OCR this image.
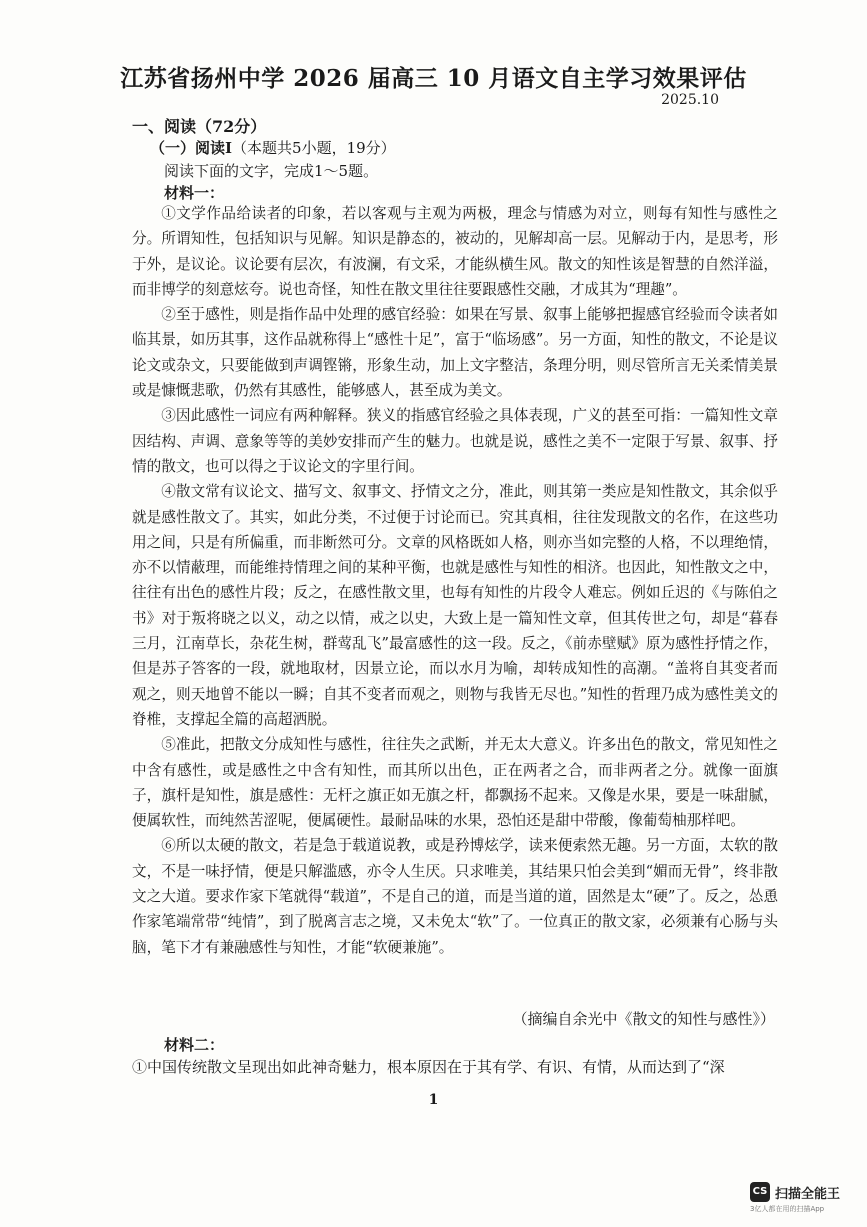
江苏省扬州中学 2026 届高三 10 月语文自主学习效果评估
2025.10
一、阅读（72分）
（一）阅读Ⅰ（本题共5小题，19分）
阅读下面的文字，完成1～5题。
材料一：

①文学作品给读者的印象，若以客观与主观为两极，理念与情感为对立，则每有知性与感性之分。所谓知性，包括知识与见解。知识是静态的，被动的，见解却高一层。见解动于内，是思考，形于外，是议论。议论要有层次，有波澜，有文采，才能纵横生风。散文的知性该是智慧的自然洋溢，而非博学的刻意炫夸。说也奇怪，知性在散文里往往要跟感性交融，才成其为“理趣”。

②至于感性，则是指作品中处理的感官经验：如果在写景、叙事上能够把握感官经验而令读者如临其景，如历其事，这作品就称得上“感性十足”，富于“临场感”。另一方面，知性的散文，不论是议论文或杂文，只要能做到声调铿锵，形象生动，加上文字整洁，条理分明，则尽管所言无关柔情美景或是慷慨悲歌，仍然有其感性，能够感人，甚至成为美文。

③因此感性一词应有两种解释。狭义的指感官经验之具体表现，广义的甚至可指：一篇知性文章因结构、声调、意象等等的美妙安排而产生的魅力。也就是说，感性之美不一定限于写景、叙事、抒情的散文，也可以得之于议论文的字里行间。

④散文常有议论文、描写文、叙事文、抒情文之分，准此，则其第一类应是知性散文，其余似乎就是感性散文了。其实，如此分类，不过便于讨论而已。究其真相，往往发现散文的名作，在这些功用之间，只是有所偏重，而非断然可分。文章的风格既如人格，则亦当如完整的人格，不以理绝情，亦不以情蔽理，而能维持情理之间的某种平衡，也就是感性与知性的相济。也因此，知性散文之中，往往有出色的感性片段；反之，在感性散文里，也每有知性的片段令人难忘。例如丘迟的《与陈伯之书》对于叛将晓之以义，动之以情，戒之以史，大致上是一篇知性文章，但其传世之句，却是“暮春三月，江南草长，杂花生树，群莺乱飞”最富感性的这一段。反之，《前赤壁赋》原为感性抒情之作，但是苏子答客的一段，就地取材，因景立论，而以水月为喻，却转成知性的高潮。“盖将自其变者而观之，则天地曾不能以一瞬；自其不变者而观之，则物与我皆无尽也。”知性的哲理乃成为感性美文的脊椎，支撑起全篇的高超洒脱。

⑤准此，把散文分成知性与感性，往往失之武断，并无太大意义。许多出色的散文，常见知性之中含有感性，或是感性之中含有知性，而其所以出色，正在两者之合，而非两者之分。就像一面旗子，旗杆是知性，旗是感性：无杆之旗正如无旗之杆，都飘扬不起来。又像是水果，要是一味甜腻，便属软性，而纯然苦涩呢，便属硬性。最耐品味的水果，恐怕还是甜中带酸，像葡萄柚那样吧。

⑥所以太硬的散文，若是急于载道说教，或是矜博炫学，读来便索然无趣。另一方面，太软的散文，不是一味抒情，便是只解滥感，亦令人生厌。只求唯美，其结果只怕会美到“媚而无骨”，终非散文之大道。要求作家下笔就得“载道”，不是自己的道，而是当道的道，固然是太“硬”了。反之，怂恿作家笔端常带“纯情”，到了脱离言志之境，又未免太“软”了。一位真正的散文家，必须兼有心肠与头脑，笔下才有兼融感性与知性，才能“软硬兼施”。

（摘编自余光中《散文的知性与感性》）
材料二：
①中国传统散文呈现出如此神奇魅力，根本原因在于其有学、有识、有情，从而达到了“深
1
CS 扫描全能王
3亿人都在用的扫描App
